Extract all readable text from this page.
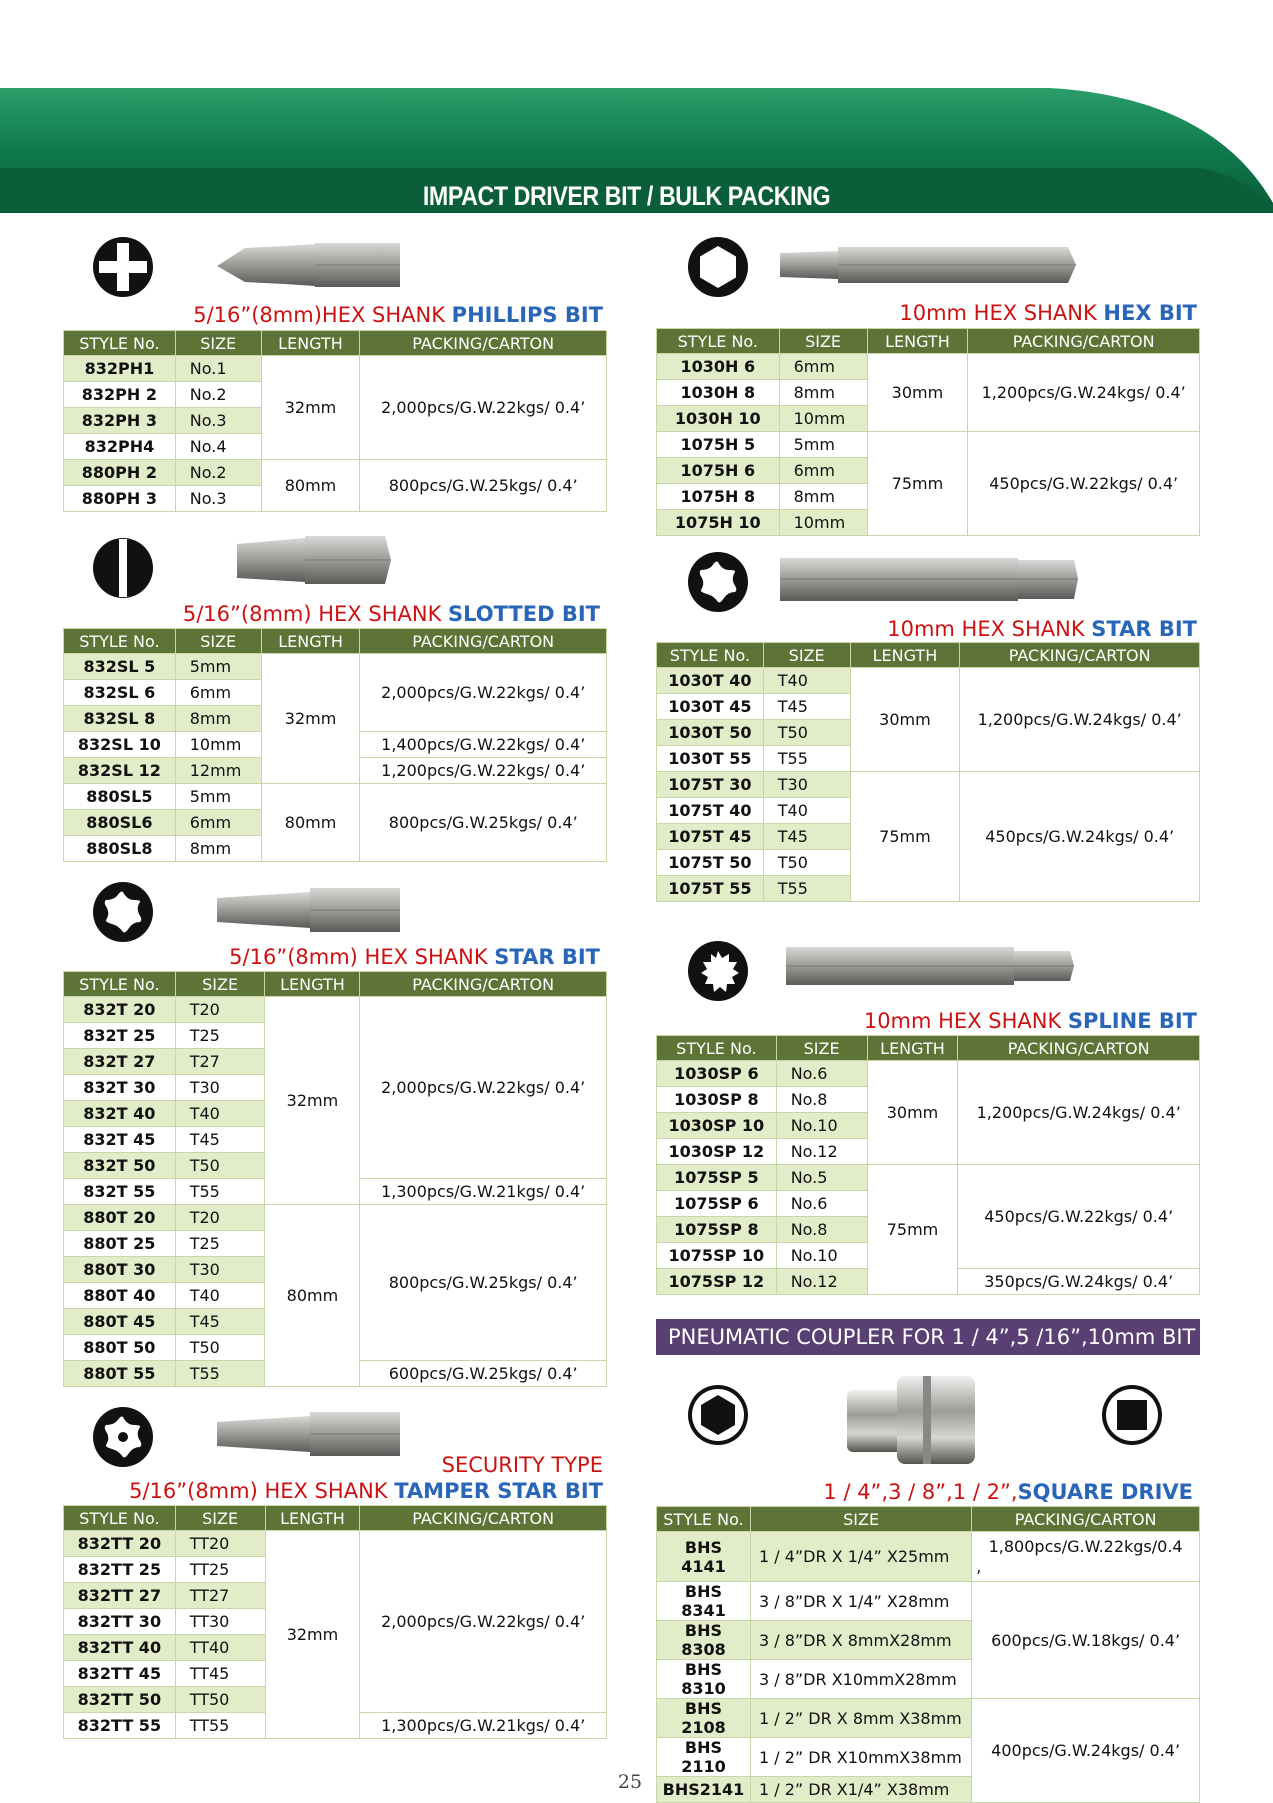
IMPACT DRIVER BIT / BULK PACKING
5/16”(8mm)HEX SHANK PHILLIPS BIT
STYLE No.	SIZE	LENGTH	PACKING/CARTON
832PH1	No.1	32mm	2,000pcs/G.W.22kgs/ 0.4’
832PH 2	No.2		
832PH 3	No.3		
832PH4	No.4		
880PH 2	No.2	80mm	800pcs/G.W.25kgs/ 0.4’
880PH 3	No.3		
5/16”(8mm) HEX SHANK SLOTTED BIT
STYLE No.	SIZE	LENGTH	PACKING/CARTON
832SL 5	5mm	32mm	2,000pcs/G.W.22kgs/ 0.4’
832SL 6	6mm		
832SL 8	8mm		
832SL 10	10mm		1,400pcs/G.W.22kgs/ 0.4’
832SL 12	12mm		1,200pcs/G.W.22kgs/ 0.4’
880SL5	5mm	80mm	800pcs/G.W.25kgs/ 0.4’
880SL6	6mm		
880SL8	8mm		
5/16”(8mm) HEX SHANK STAR BIT
STYLE No.	SIZE	LENGTH	PACKING/CARTON
832T 20	T20	32mm	2,000pcs/G.W.22kgs/ 0.4’
832T 25	T25		
832T 27	T27		
832T 30	T30		
832T 40	T40		
832T 45	T45		
832T 50	T50		
832T 55	T55		1,300pcs/G.W.21kgs/ 0.4’
880T 20	T20	80mm	800pcs/G.W.25kgs/ 0.4’
880T 25	T25		
880T 30	T30		
880T 40	T40		
880T 45	T45		
880T 50	T50		
880T 55	T55		600pcs/G.W.25kgs/ 0.4’
SECURITY TYPE
5/16”(8mm) HEX SHANK TAMPER STAR BIT
STYLE No.	SIZE	LENGTH	PACKING/CARTON
832TT 20	TT20	32mm	2,000pcs/G.W.22kgs/ 0.4’
832TT 25	TT25		
832TT 27	TT27		
832TT 30	TT30		
832TT 40	TT40		
832TT 45	TT45		
832TT 50	TT50		
832TT 55	TT55		1,300pcs/G.W.21kgs/ 0.4’
10mm HEX SHANK HEX BIT
STYLE No.	SIZE	LENGTH	PACKING/CARTON
1030H 6	6mm	30mm	1,200pcs/G.W.24kgs/ 0.4’
1030H 8	8mm		
1030H 10	10mm		
1075H 5	5mm	75mm	450pcs/G.W.22kgs/ 0.4’
1075H 6	6mm		
1075H 8	8mm		
1075H 10	10mm		
10mm HEX SHANK STAR BIT
STYLE No.	SIZE	LENGTH	PACKING/CARTON
1030T 40	T40	30mm	1,200pcs/G.W.24kgs/ 0.4’
1030T 45	T45		
1030T 50	T50		
1030T 55	T55		
1075T 30	T30	75mm	450pcs/G.W.24kgs/ 0.4’
1075T 40	T40		
1075T 45	T45		
1075T 50	T50		
1075T 55	T55		
10mm HEX SHANK SPLINE BIT
STYLE No.	SIZE	LENGTH	PACKING/CARTON
1030SP 6	No.6	30mm	1,200pcs/G.W.24kgs/ 0.4’
1030SP 8	No.8		
1030SP 10	No.10		
1030SP 12	No.12		
1075SP 5	No.5	75mm	450pcs/G.W.22kgs/ 0.4’
1075SP 6	No.6		
1075SP 8	No.8		
1075SP 10	No.10		
1075SP 12	No.12		350pcs/G.W.24kgs/ 0.4’
PNEUMATIC COUPLER FOR 1 / 4”,5 /16”,10mm BIT
1 / 4”,3 / 8”,1 / 2”,SQUARE DRIVE
STYLE No.	SIZE	PACKING/CARTON
BHS 4141	1 / 4”DR X 1/4” X25mm	1,800pcs/G.W.22kgs/0.4

,

BHS 8341	3 / 8”DR X 1/4” X28mm	600pcs/G.W.18kgs/ 0.4’
BHS 8308	3 / 8”DR X 8mmX28mm	
BHS 8310	3 / 8”DR X10mmX28mm	
BHS 2108	1 / 2” DR X 8mm X38mm	400pcs/G.W.24kgs/ 0.4’
BHS 2110	1 / 2” DR X10mmX38mm	
BHS2141	1 / 2” DR X1/4” X38mm	
25
